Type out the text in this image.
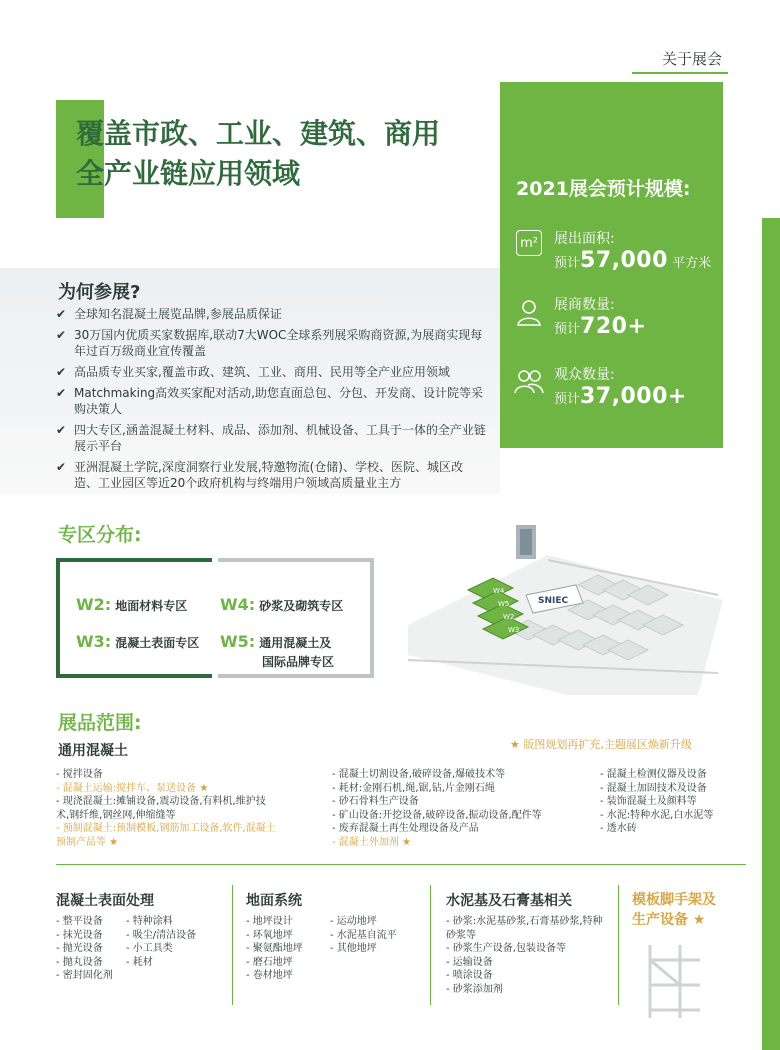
关于展会
覆盖市政、工业、建筑、商用
全产业链应用领域	2021展会预计规模:
m² 展出面积:
预计57,000 平方米
展商数量:
预计720+
观众数量:
预计37,000+
为何参展?
✔ 全球知名混凝土展览品牌,参展品质保证
✔ 30万国内优质买家数据库,联动7大WOC全球系列展采购商资源,为展商实现每年过百万级商业宣传覆盖
✔ 高品质专业买家,覆盖市政、建筑、工业、商用、民用等全产业应用领域
✔ Matchmaking高效买家配对活动,助您直面总包、分包、开发商、设计院等采购决策人
✔ 四大专区,涵盖混凝土材料、成品、添加剂、机械设备、工具于一体的全产业链展示平台
✔ 亚洲混凝土学院,深度洞察行业发展,特邀物流(仓储)、学校、医院、城区改造、工业园区等近20个政府机构与终端用户领域高质量业主方
专区分布:
W2: 地面材料专区 W4: 砂浆及砌筑专区
W3: 混凝土表面专区 W5: 通用混凝土及
国际品牌专区
W4
W5
W2
W3
SNIEC
展品范围:
通用混凝土	★ 版图规划再扩充,主题展区焕新升级
- 搅拌设备
- 混凝土运输:搅拌车、泵送设备 ★
- 现浇混凝土:摊铺设备,震动设备,有料机,维护技术,钢纤维,钢丝网,伸缩缝等
- 预制混凝土:预制模板,钢筋加工设备,软件,混凝土预制产品等 ★
- 混凝土切割设备,破碎设备,爆破技术等
- 耗材:金刚石机,绳,锯,钻,片金刚石绳
- 砂石骨料生产设备
- 矿山设备:开挖设备,破碎设备,振动设备,配件等
- 废弃混凝土再生处理设备及产品
- 混凝土外加剂 ★
- 混凝土检测仪器及设备
- 混凝土加固技术及设备
- 装饰混凝土及颜料等
- 水泥:特种水泥,白水泥等
- 透水砖
混凝土表面处理
- 整平设备
- 抹光设备
- 抛光设备
- 抛丸设备
- 密封固化剂
- 特种涂料
- 吸尘/清洁设备
- 小工具类
- 耗材
地面系统
- 地坪设计
- 环氧地坪
- 聚氨酯地坪
- 磨石地坪
- 卷材地坪
- 运动地坪
- 水泥基自流平
- 其他地坪
水泥基及石膏基相关
- 砂浆:水泥基砂浆,石膏基砂浆,特种砂浆等
- 砂浆生产设备,包装设备等
- 运输设备
- 喷涂设备
- 砂浆添加剂
模板脚手架及
生产设备 ★
